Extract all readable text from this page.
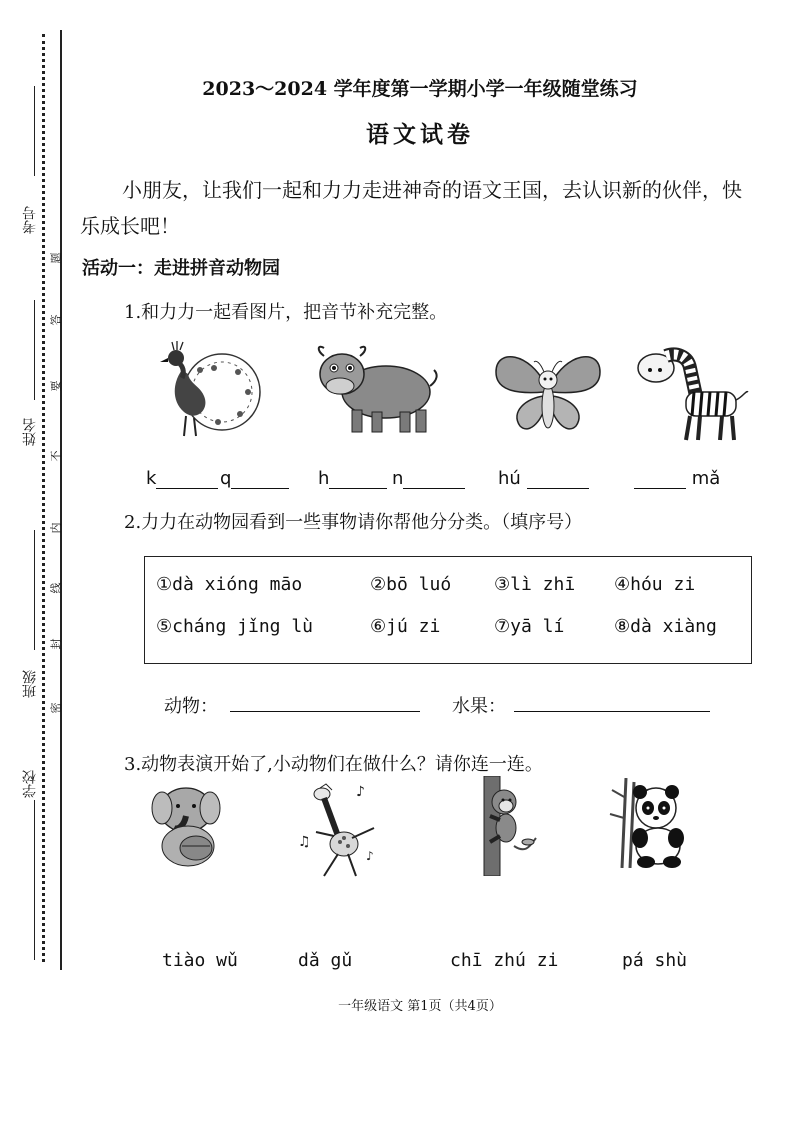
考号
姓名
班级
学校
题
答
要
不
内
线
封
密
2023～2024 学年度第一学期小学一年级随堂练习
语文试卷
小朋友，让我们一起和力力走进神奇的语文王国，去认识新的伙伴，快乐成长吧！
活动一：走进拼音动物园
1.和力力一起看图片，把音节补充完整。
k	q	h	n	hú	mǎ
2.力力在动物园看到一些事物请你帮他分分类。（填序号）
①dà xióng māo	②bō luó ③lì zhī ④hóu zi
⑤cháng jǐng lù	⑥jú zi	⑦yā lí	⑧dà xiàng
动物：	水果：
3.动物表演开始了,小动物们在做什么？请你连一连。
♪
♫
♪
tiào wǔ	dǎ gǔ	chī zhú zi	pá shù
一年级语文 第1页（共4页）
